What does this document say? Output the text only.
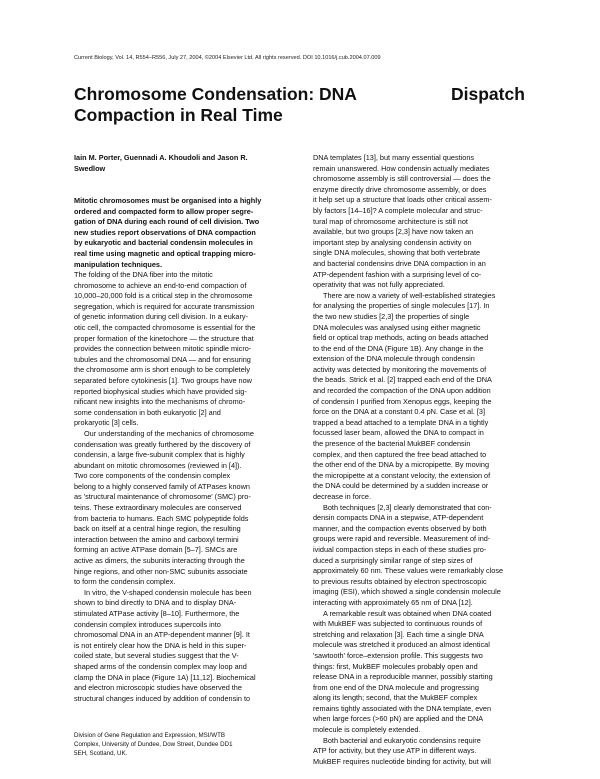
Current Biology, Vol. 14, R554–R556, July 27, 2004, ©2004 Elsevier Ltd. All rights reserved. DOI 10.1016/j.cub.2004.07.009
Chromosome Condensation: DNA
Compaction in Real Time
Dispatch
Iain M. Porter, Guennadi A. Khoudoli and Jason R.
Swedlow
Mitotic chromosomes must be organised into a highly
ordered and compacted form to allow proper segre-
gation of DNA during each round of cell division. Two
new studies report observations of DNA compaction
by eukaryotic and bacterial condensin molecules in
real time using magnetic and optical trapping micro-
manipulation techniques.
The folding of the DNA fiber into the mitotic
chromosome to achieve an end-to-end compaction of
10,000–20,000 fold is a critical step in the chromosome
segregation, which is required for accurate transmission
of genetic information during cell division. In a eukary-
otic cell, the compacted chromosome is essential for the
proper formation of the kinetochore — the structure that
provides the connection between mitotic spindle micro-
tubules and the chromosomal DNA — and for ensuring
the chromosome arm is short enough to be completely
separated before cytokinesis [1]. Two groups have now
reported biophysical studies which have provided sig-
nificant new insights into the mechanisms of chromo-
some condensation in both eukaryotic [2] and
prokaryotic [3] cells.
Our understanding of the mechanics of chromosome
condensation was greatly furthered by the discovery of
condensin, a large five-subunit complex that is highly
abundant on mitotic chromosomes (reviewed in [4]).
Two core components of the condensin complex
belong to a highly conserved family of ATPases known
as 'structural maintenance of chromosome' (SMC) pro-
teins. These extraordinary molecules are conserved
from bacteria to humans. Each SMC polypeptide folds
back on itself at a central hinge region, the resulting
interaction between the amino and carboxyl termini
forming an active ATPase domain [5–7]. SMCs are
active as dimers, the subunits interacting through the
hinge regions, and other non-SMC subunits associate
to form the condensin complex.
In vitro, the V-shaped condensin molecule has been
shown to bind directly to DNA and to display DNA-
stimulated ATPase activity [8–10]. Furthermore, the
condensin complex introduces supercoils into
chromosomal DNA in an ATP-dependent manner [9]. It
is not entirely clear how the DNA is held in this super-
coiled state, but several studies suggest that the V-
shaped arms of the condensin complex may loop and
clamp the DNA in place (Figure 1A) [11,12]. Biochemical
and electron microscopic studies have observed the
structural changes induced by addition of condensin to
Division of Gene Regulation and Expression, MSI/WTB
Complex, University of Dundee, Dow Street, Dundee DD1
5EH, Scotland, UK.
DNA templates [13], but many essential questions
remain unanswered. How condensin actually mediates
chromosome assembly is still controversial — does the
enzyme directly drive chromosome assembly, or does
it help set up a structure that loads other critical assem-
bly factors [14–16]? A complete molecular and struc-
tural map of chromosome architecture is still not
available, but two groups [2,3] have now taken an
important step by analysing condensin activity on
single DNA molecules, showing that both vertebrate
and bacterial condensins drive DNA compaction in an
ATP-dependent fashion with a surprising level of co-
operativity that was not fully appreciated.
There are now a variety of well-established strategies
for analysing the properties of single molecules [17]. In
the two new studies [2,3] the properties of single
DNA molecules was analysed using either magnetic
field or optical trap methods, acting on beads attached
to the end of the DNA (Figure 1B). Any change in the
extension of the DNA molecule through condensin
activity was detected by monitoring the movements of
the beads. Strick et al. [2] trapped each end of the DNA
and recorded the compaction of the DNA upon addition
of condensin I purified from Xenopus eggs, keeping the
force on the DNA at a constant 0.4 pN. Case et al. [3]
trapped a bead attached to a template DNA in a tightly
focussed laser beam, allowed the DNA to compact in
the presence of the bacterial MukBEF condensin
complex, and then captured the free bead attached to
the other end of the DNA by a micropipette. By moving
the micropipette at a constant velocity, the extension of
the DNA could be determined by a sudden increase or
decrease in force.
Both techniques [2,3] clearly demonstrated that con-
densin compacts DNA in a stepwise, ATP-dependent
manner, and the compaction events observed by both
groups were rapid and reversible. Measurement of ind-
ividual compaction steps in each of these studies pro-
duced a surprisingly similar range of step sizes of
approximately 60 nm. These values were remarkably close
to previous results obtained by electron spectroscopic
imaging (ESI), which showed a single condensin molecule
interacting with approximately 65 nm of DNA [12].
A remarkable result was obtained when DNA coated
with MukBEF was subjected to continuous rounds of
stretching and relaxation [3]. Each time a single DNA
molecule was stretched it produced an almost identical
'sawtooth' force–extension profile. This suggests two
things: first, MukBEF molecules probably open and
release DNA in a reproducible manner, possibly starting
from one end of the DNA molecule and progressing
along its length; second, that the MukBEF complex
remains tightly associated with the DNA template, even
when large forces (>60 pN) are applied and the DNA
molecule is completely extended.
Both bacterial and eukaryotic condensins require
ATP for activity, but they use ATP in different ways.
MukBEF requires nucleotide binding for activity, but will
